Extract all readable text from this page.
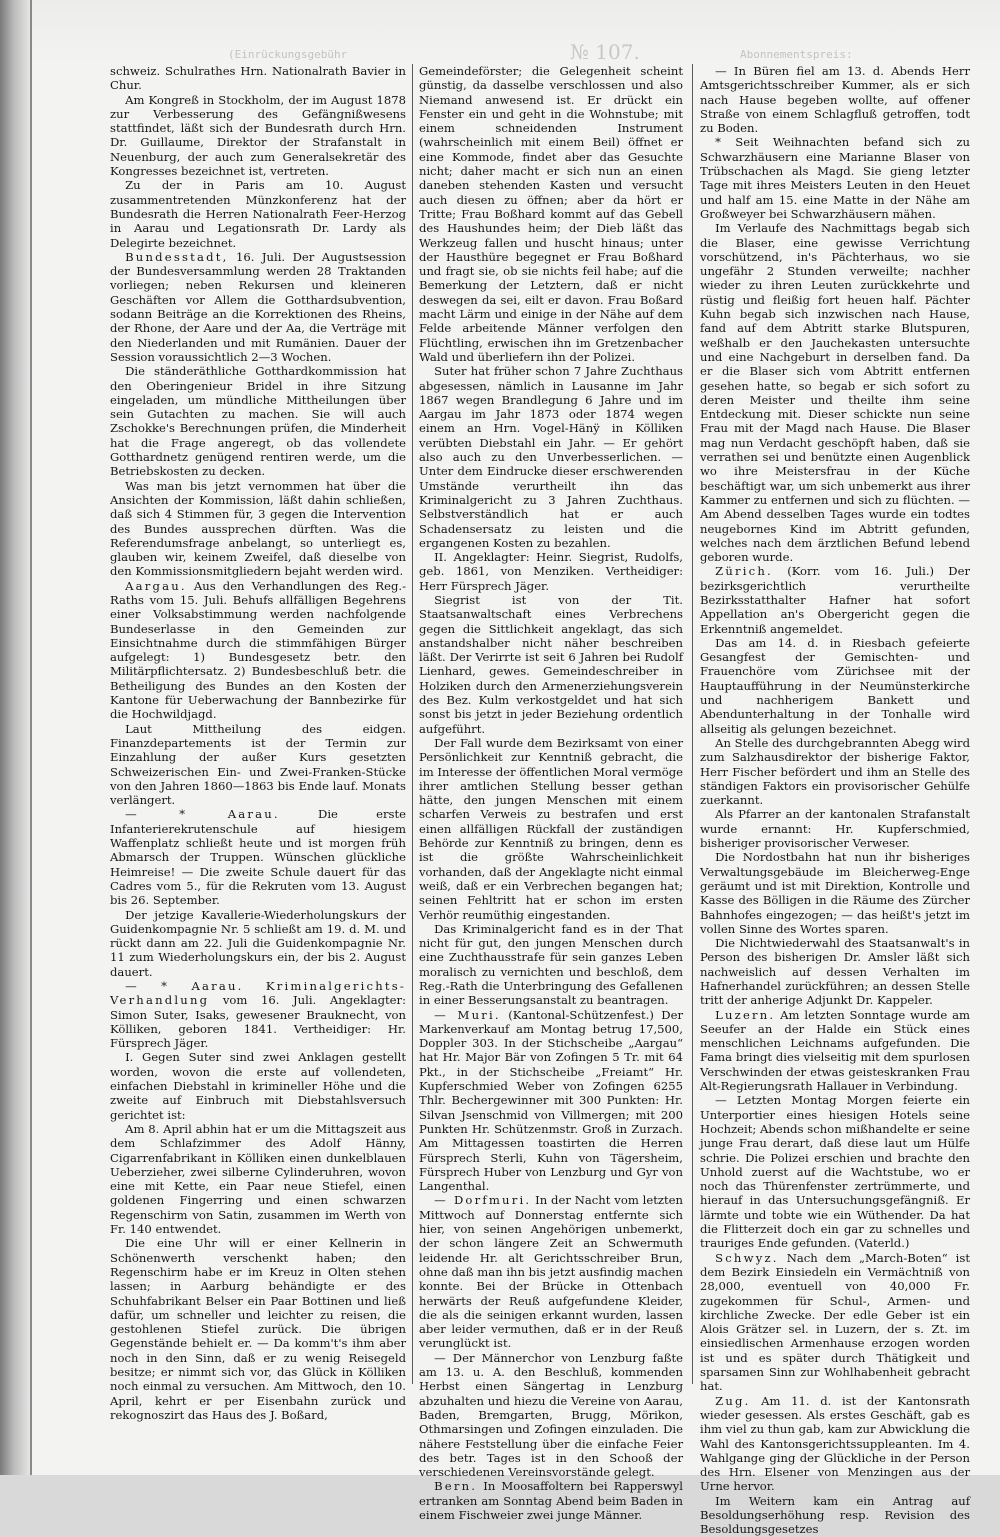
(Einrückungsgebühr	№ 107.	Abonnementspreis:

schweiz. Schulrathes Hrn. Nationalrath Bavier in Chur.

Am Kongreß in Stockholm, der im August 1878 zur Verbesserung des Gefängnißwesens stattfindet, läßt sich der Bundesrath durch Hrn. Dr. Guillaume, Direktor der Strafanstalt in Neuenburg, der auch zum Generalsekretär des Kongresses bezeichnet ist, vertreten.

Zu der in Paris am 10. August zusammentretenden Münzkonferenz hat der Bundesrath die Herren Nationalrath Feer-Herzog in Aarau und Legationsrath Dr. Lardy als Delegirte bezeichnet.

Bundesstadt, 16. Juli. Der Augustsession der Bundesversammlung werden 28 Traktanden vorliegen; neben Rekursen und kleineren Geschäften vor Allem die Gotthardsubvention, sodann Beiträge an die Korrektionen des Rheins, der Rhone, der Aare und der Aa, die Verträge mit den Niederlanden und mit Rumänien. Dauer der Session voraussichtlich 2—3 Wochen.

Die ständeräthliche Gotthardkommission hat den Oberingenieur Bridel in ihre Sitzung eingeladen, um mündliche Mittheilungen über sein Gutachten zu machen. Sie will auch Zschokke's Berechnungen prüfen, die Minderheit hat die Frage angeregt, ob das vollendete Gotthardnetz genügend rentiren werde, um die Betriebskosten zu decken.

Was man bis jetzt vernommen hat über die Ansichten der Kommission, läßt dahin schließen, daß sich 4 Stimmen für, 3 gegen die Intervention des Bundes aussprechen dürften. Was die Referendumsfrage anbelangt, so unterliegt es, glauben wir, keinem Zweifel, daß dieselbe von den Kommissionsmitgliedern bejaht werden wird.

Aargau. Aus den Verhandlungen des Reg.-Raths vom 15. Juli. Behufs allfälligen Begehrens einer Volksabstimmung werden nachfolgende Bundeserlasse in den Gemeinden zur Einsichtnahme durch die stimmfähigen Bürger aufgelegt: 1) Bundesgesetz betr. den Militärpflichtersatz. 2) Bundesbeschluß betr. die Betheiligung des Bundes an den Kosten der Kantone für Ueberwachung der Bannbezirke für die Hochwildjagd.

Laut Mittheilung des eidgen. Finanzdepartements ist der Termin zur Einzahlung der außer Kurs gesetzten Schweizerischen Ein- und Zwei-Franken-Stücke von den Jahren 1860—1863 bis Ende lauf. Monats verlängert.

— * Aarau.	Die erste Infanterierekrutenschule auf hiesigem Waffenplatz schließt heute und ist morgen früh Abmarsch der Truppen. Wünschen glückliche Heimreise! — Die zweite Schule dauert für das Cadres vom 5., für die Rekruten vom 13. August bis 26. September.

Der jetzige Kavallerie-Wiederholungskurs der Guidenkompagnie Nr. 5 schließt am 19. d. M. und rückt dann am 22. Juli die Guidenkompagnie Nr. 11 zum Wiederholungskurs ein, der bis 2. August dauert.

— * Aarau. Kriminalgerichts-Verhandlung vom 16. Juli. Angeklagter: Simon Suter, Isaks, gewesener Brauknecht, von Kölliken, geboren 1841. Vertheidiger: Hr. Fürsprech Jäger.

I. Gegen Suter sind zwei Anklagen gestellt worden, wovon die erste auf vollendeten, einfachen Diebstahl in krimineller Höhe und die zweite auf Einbruch mit Diebstahlsversuch gerichtet ist:

Am 8. April abhin hat er um die Mittagszeit aus dem Schlafzimmer des Adolf Hänny, Cigarrenfabrikant in Kölliken einen dunkelblauen Ueberzieher, zwei silberne Cylinderuhren, wovon eine mit Kette, ein Paar neue Stiefel, einen goldenen Fingerring und einen schwarzen Regenschirm von Satin, zusammen im Werth von Fr. 140 entwendet.

Die eine Uhr will er einer Kellnerin in Schönenwerth verschenkt haben; den Regenschirm habe er im Kreuz in Olten stehen lassen; in Aarburg behändigte er des Schuhfabrikant Belser ein Paar Bottinen und ließ dafür, um schneller und leichter zu reisen, die gestohlenen Stiefel zurück. Die übrigen Gegenstände behielt er. — Da komm't's ihm aber noch in den Sinn, daß er zu wenig Reisegeld besitze; er nimmt sich vor, das Glück in Kölliken noch einmal zu versuchen. Am Mittwoch, den 10. April, kehrt er per Eisenbahn zurück und rekognoszirt das Haus des J. Boßard,

Gemeindeförster; die Gelegenheit scheint günstig, da dasselbe verschlossen und also Niemand anwesend ist. Er drückt ein Fenster ein und geht in die Wohnstube; mit einem schneidenden Instrument (wahrscheinlich mit einem Beil) öffnet er eine Kommode, findet aber das Gesuchte nicht; daher macht er sich nun an einen daneben stehenden Kasten und versucht auch diesen zu öffnen; aber da hört er Tritte; Frau Boßhard kommt auf das Gebell des Haushundes heim; der Dieb läßt das Werkzeug fallen und huscht hinaus; unter der Hausthüre begegnet er Frau Boßhard und fragt sie, ob sie nichts feil habe; auf die Bemerkung der Letztern, daß er nicht deswegen da sei, eilt er davon. Frau Boßard macht Lärm und einige in der Nähe auf dem Felde arbeitende Männer verfolgen den Flüchtling, erwischen ihn im Gretzenbacher Wald und überliefern ihn der Polizei.

Suter hat früher schon 7 Jahre Zuchthaus abgesessen, nämlich in Lausanne im Jahr 1867 wegen Brandlegung 6 Jahre und im Aargau im Jahr 1873 oder 1874 wegen einem an Hrn. Vogel-Hänÿ in Kölliken verübten Diebstahl ein Jahr. — Er gehört also auch zu den Unverbesserlichen. — Unter dem Eindrucke dieser erschwerenden Umstände verurtheilt ihn das Kriminalgericht zu 3 Jahren Zuchthaus. Selbstverständlich hat er auch Schadensersatz zu leisten und die ergangenen Kosten zu bezahlen.

II. Angeklagter: Heinr. Siegrist, Rudolfs, geb. 1861, von Menziken. Vertheidiger: Herr Fürsprech Jäger.

Siegrist ist von der Tit. Staatsanwaltschaft eines Verbrechens gegen die Sittlichkeit angeklagt, das sich anstandshalber nicht näher beschreiben läßt. Der Verirrte ist seit 6 Jahren bei Rudolf Lienhard, gewes. Gemeindeschreiber in Holziken durch den Armenerziehungsverein des Bez. Kulm verkostgeldet und hat sich sonst bis jetzt in jeder Beziehung ordentlich aufgeführt.

Der Fall wurde dem Bezirksamt von einer Persönlichkeit zur Kenntniß gebracht, die im Interesse der öffentlichen Moral vermöge ihrer amtlichen Stellung besser gethan hätte, den jungen Menschen mit einem scharfen Verweis zu bestrafen und erst einen allfälligen Rückfall der zuständigen Behörde zur Kenntniß zu bringen, denn es ist die größte Wahrscheinlichkeit vorhanden, daß der Angeklagte nicht einmal weiß, daß er ein Verbrechen begangen hat; seinen Fehltritt hat er schon im ersten Verhör reumüthig eingestanden.

Das Kriminalgericht fand es in der That nicht für gut, den jungen Menschen durch eine Zuchthausstrafe für sein ganzes Leben moralisch zu vernichten und beschloß, dem Reg.-Rath die Unterbringung des Gefallenen in einer Besserungsanstalt zu beantragen.

— Muri. (Kantonal-Schützenfest.) Der Markenverkauf am Montag betrug 17,500, Doppler 303. In der Stichscheibe „Aargau“ hat Hr. Major Bär von Zofingen 5 Tr. mit 64 Pkt., in der Stichscheibe „Freiamt“ Hr. Kupferschmied Weber von Zofingen 6255 Thlr. Bechergewinner mit 300 Punkten: Hr. Silvan Jsenschmid von Villmergen; mit 200 Punkten Hr. Schützenmstr. Groß in Zurzach. Am Mittagessen toastirten die Herren Fürsprech Sterli, Kuhn von Tägersheim, Fürsprech Huber von Lenzburg und Gyr von Langenthal.

— Dorfmuri. In der Nacht vom letzten Mittwoch auf Donnerstag entfernte sich hier, von seinen Angehörigen unbemerkt, der schon längere Zeit an Schwermuth leidende Hr. alt Gerichtsschreiber Brun, ohne daß man ihn bis jetzt ausfindig machen konnte. Bei der Brücke in Ottenbach herwärts der Reuß aufgefundene Kleider, die als die seinigen erkannt wurden, lassen aber leider vermuthen, daß er in der Reuß verunglückt ist.

— Der Männerchor von Lenzburg faßte am 13. u. A. den Beschluß, kommenden Herbst einen Sängertag in Lenzburg abzuhalten und hiezu die Vereine von Aarau, Baden, Bremgarten, Brugg, Mörikon, Othmarsingen und Zofingen einzuladen. Die nähere Feststellung über die einfache Feier des betr. Tages ist in den Schooß der verschiedenen Vereinsvorstände gelegt.

Bern. In Moosaffoltern bei Rapperswyl ertranken am Sonntag Abend beim Baden in einem Fischweier zwei junge Männer.

— In Büren fiel am 13. d. Abends Herr Amtsgerichtsschreiber Kummer, als er sich nach Hause begeben wollte, auf offener Straße von einem Schlagfluß getroffen, todt zu Boden.

* Seit Weihnachten befand sich zu Schwarzhäusern eine Marianne Blaser von Trübschachen als Magd. Sie gieng letzter Tage mit ihres Meisters Leuten in den Heuet und half am 15. eine Matte in der Nähe am Großweyer bei Schwarzhäusern mähen.

Im Verlaufe des Nachmittags begab sich die Blaser, eine gewisse Verrichtung vorschützend, in's Pächterhaus, wo sie ungefähr 2 Stunden verweilte; nachher wieder zu ihren Leuten zurückkehrte und rüstig und fleißig fort heuen half. Pächter Kuhn begab sich inzwischen nach Hause, fand auf dem Abtritt starke Blutspuren, weßhalb er den Jauchekasten untersuchte und eine Nachgeburt in derselben fand. Da er die Blaser sich vom Abtritt entfernen gesehen hatte, so begab er sich sofort zu deren Meister und theilte ihm seine Entdeckung mit. Dieser schickte nun seine Frau mit der Magd nach Hause. Die Blaser mag nun Verdacht geschöpft haben, daß sie verrathen sei und benützte einen Augenblick wo ihre Meistersfrau in der Küche beschäftigt war, um sich unbemerkt aus ihrer Kammer zu entfernen und sich zu flüchten. — Am Abend desselben Tages wurde ein todtes neugebornes Kind im Abtritt gefunden, welches nach dem ärztlichen Befund lebend geboren wurde.

Zürich. (Korr. vom 16. Juli.) Der bezirksgerichtlich verurtheilte Bezirksstatthalter Hafner hat sofort Appellation an's Obergericht gegen die Erkenntniß angemeldet.

Das am 14. d. in Riesbach gefeierte Gesangfest der Gemischten- und Frauenchöre vom Zürichsee mit der Hauptaufführung in der Neumünsterkirche und nachherigem Bankett und Abendunterhaltung in der Tonhalle wird allseitig als gelungen bezeichnet.

An Stelle des durchgebrannten Abegg wird zum Salzhausdirektor der bisherige Faktor, Herr Fischer befördert und ihm an Stelle des ständigen Faktors ein provisorischer Gehülfe zuerkannt.

Als Pfarrer an der kantonalen Strafanstalt wurde ernannt: Hr. Kupferschmied, bisheriger provisorischer Verweser.

Die Nordostbahn hat nun ihr bisheriges Verwaltungsgebäude im Bleicherweg-Enge geräumt und ist mit Direktion, Kontrolle und Kasse des Bölligen in die Räume des Zürcher Bahnhofes eingezogen; — das heißt's jetzt im vollen Sinne des Wortes sparen.

Die Nichtwiederwahl des Staatsanwalt's in Person des bisherigen Dr. Amsler läßt sich nachweislich auf dessen Verhalten im Hafnerhandel zurückführen; an dessen Stelle tritt der anherige Adjunkt Dr. Kappeler.

Luzern. Am letzten Sonntage wurde am Seeufer an der Halde ein Stück eines menschlichen Leichnams aufgefunden. Die Fama bringt dies vielseitig mit dem spurlosen Verschwinden der etwas geisteskranken Frau Alt-Regierungsrath Hallauer in Verbindung.

— Letzten Montag Morgen feierte ein Unterportier eines hiesigen Hotels seine Hochzeit; Abends schon mißhandelte er seine junge Frau derart, daß diese laut um Hülfe schrie. Die Polizei erschien und brachte den Unhold zuerst auf die Wachtstube, wo er noch das Thürenfenster zertrümmerte, und hierauf in das Untersuchungsgefängniß. Er lärmte und tobte wie ein Wüthender. Da hat die Flitterzeit doch ein gar zu schnelles und trauriges Ende gefunden. (Vaterld.)

Schwyz. Nach dem „March-Boten“ ist dem Bezirk Einsiedeln ein Vermächtniß von 28,000, eventuell von 40,000 Fr. zugekommen für Schul-, Armen- und kirchliche Zwecke. Der edle Geber ist ein Alois Grätzer sel. in Luzern, der s. Zt. im einsiedlischen Armenhause erzogen worden ist und es später durch Thätigkeit und sparsamen Sinn zur Wohlhabenheit gebracht hat.

Zug. Am 11. d. ist der Kantonsrath wieder gesessen. Als erstes Geschäft, gab es ihm viel zu thun gab, kam zur Abwicklung die Wahl des Kantonsgerichtssuppleanten. Im 4. Wahlgange ging der Glückliche in der Person des Hrn. Elsener von Menzingen aus der Urne hervor.

Im Weitern kam ein Antrag auf Besoldungserhöhung resp. Revision des Besoldungsgesetzes
